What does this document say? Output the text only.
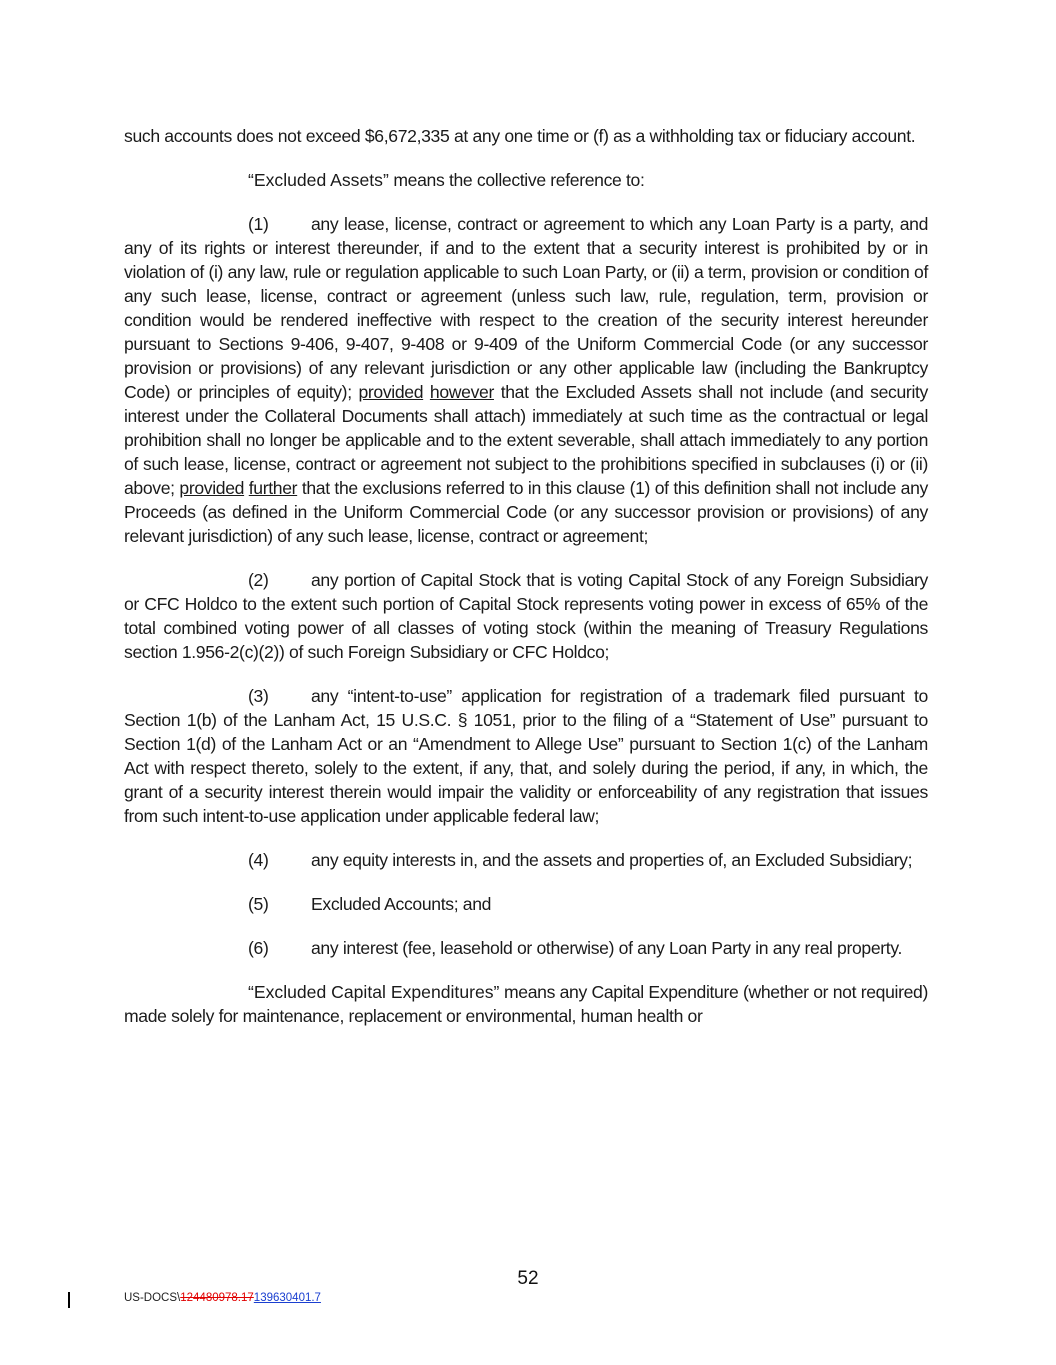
such accounts does not exceed $6,672,335 at any one time or (f) as a withholding tax or fiduciary account.

“Excluded Assets” means the collective reference to:

(1) any lease, license, contract or agreement to which any Loan Party is a party, and any of its rights or interest thereunder, if and to the extent that a security interest is prohibited by or in violation of (i) any law, rule or regulation applicable to such Loan Party, or (ii) a term, provision or condition of any such lease, license, contract or agreement (unless such law, rule, regulation, term, provision or condition would be rendered ineffective with respect to the creation of the security interest hereunder pursuant to Sections 9-406, 9-407, 9-408 or 9-409 of the Uniform Commercial Code (or any successor provision or provisions) of any relevant jurisdiction or any other applicable law (including the Bankruptcy Code) or principles of equity); provided however that the Excluded Assets shall not include (and security interest under the Collateral Documents shall attach) immediately at such time as the contractual or legal prohibition shall no longer be applicable and to the extent severable, shall attach immediately to any portion of such lease, license, contract or agreement not subject to the prohibitions specified in subclauses (i) or (ii) above; provided further that the exclusions referred to in this clause (1) of this definition shall not include any Proceeds (as defined in the Uniform Commercial Code (or any successor provision or provisions) of any relevant jurisdiction) of any such lease, license, contract or agreement;

(2) any portion of Capital Stock that is voting Capital Stock of any Foreign Subsidiary or CFC Holdco to the extent such portion of Capital Stock represents voting power in excess of 65% of the total combined voting power of all classes of voting stock (within the meaning of Treasury Regulations section 1.956-2(c)(2)) of such Foreign Subsidiary or CFC Holdco;

(3) any “intent-to-use” application for registration of a trademark filed pursuant to Section 1(b) of the Lanham Act, 15 U.S.C. § 1051, prior to the filing of a “Statement of Use” pursuant to Section 1(d) of the Lanham Act or an “Amendment to Allege Use” pursuant to Section 1(c) of the Lanham Act with respect thereto, solely to the extent, if any, that, and solely during the period, if any, in which, the grant of a security interest therein would impair the validity or enforceability of any registration that issues from such intent-to-use application under applicable federal law;

(4) any equity interests in, and the assets and properties of, an Excluded Subsidiary;

(5) Excluded Accounts; and

(6) any interest (fee, leasehold or otherwise) of any Loan Party in any real property.

“Excluded Capital Expenditures” means any Capital Expenditure (whether or not required) made solely for maintenance, replacement or environmental, human health or

52
US-DOCS\124480978.17139630401.7
